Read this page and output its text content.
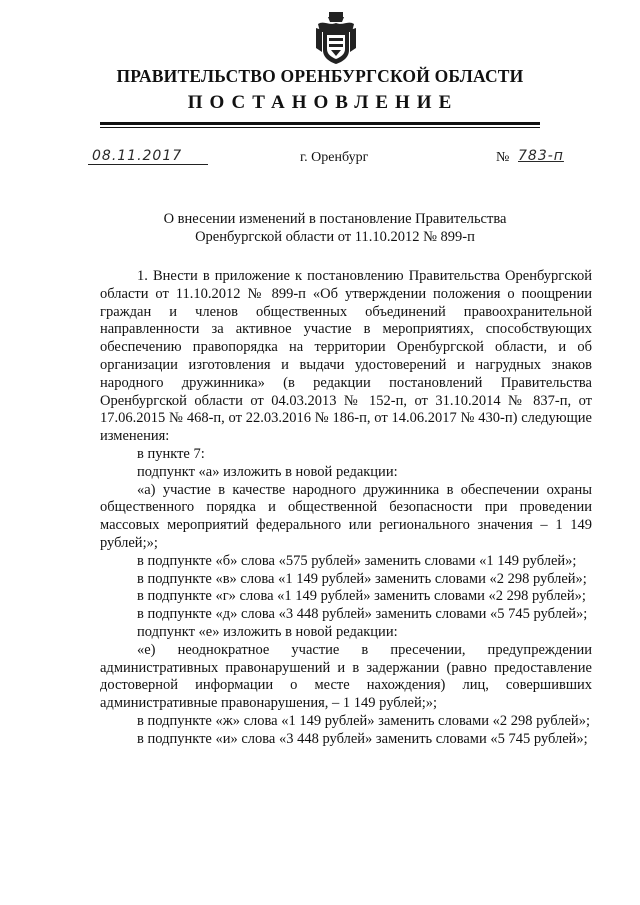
ПРАВИТЕЛЬСТВО ОРЕНБУРГСКОЙ ОБЛАСТИ
ПОСТАНОВЛЕНИЕ
08.11.2017	г. Оренбург	№ 783-п
О внесении изменений в постановление Правительства
Оренбургской области от 11.10.2012 № 899-п

1. Внести в приложение к постановлению Правительства Оренбургской области от 11.10.2012 № 899-п «Об утверждении положения о поощрении граждан и членов общественных объединений правоохранительной направленности за активное участие в мероприятиях, способствующих обеспечению правопорядка на территории Оренбургской области, и об организации изготовления и выдачи удостоверений и нагрудных знаков народного дружинника» (в редакции постановлений Правительства Оренбургской области от 04.03.2013 № 152-п, от 31.10.2014 № 837-п, от 17.06.2015 № 468-п, от 22.03.2016 № 186-п, от 14.06.2017 № 430-п) следующие изменения:

в пункте 7:

подпункт «а» изложить в новой редакции:

«а) участие в качестве народного дружинника в обеспечении охраны общественного порядка и общественной безопасности при проведении массовых мероприятий федерального или регионального значения – 1 149 рублей;»;

в подпункте «б» слова «575 рублей» заменить словами «1 149 рублей»;

в подпункте «в» слова «1 149 рублей» заменить словами «2 298 рублей»;

в подпункте «г» слова «1 149 рублей» заменить словами «2 298 рублей»;

в подпункте «д» слова «3 448 рублей» заменить словами «5 745 рублей»;

подпункт «е» изложить в новой редакции:

«е) неоднократное участие в пресечении, предупреждении административных правонарушений и в задержании (равно предоставление достоверной информации о месте нахождения) лиц, совершивших административные правонарушения, – 1 149 рублей;»;

в подпункте «ж» слова «1 149 рублей» заменить словами «2 298 рублей»;

в подпункте «и» слова «3 448 рублей» заменить словами «5 745 рублей»;
